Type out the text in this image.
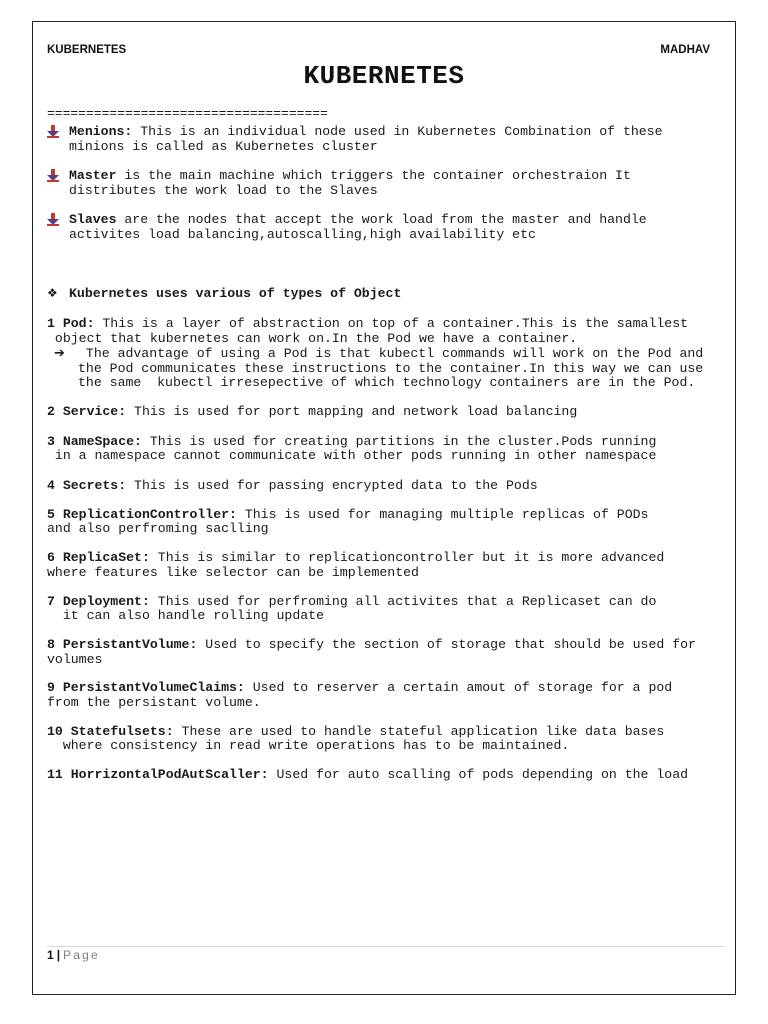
KUBERNETES	MADHAV
KUBERNETES
====================================
Menions: This is an individual node used in Kubernetes Combination of these
minions is called as Kubernetes cluster
Master is the main machine which triggers the container orchestraion It
distributes the work load to the Slaves
Slaves are the nodes that accept the work load from the master and handle
activites load balancing,autoscalling,high availability etc
❖ Kubernetes uses various of types of Object
1 Pod: This is a layer of abstraction on top of a container.This is the samallest
object that kubernetes can work on.In the Pod we have a container.
➔ The advantage of using a Pod is that kubectl commands will work on the Pod and
the Pod communicates these instructions to the container.In this way we can use
the same  kubectl irresepective of which technology containers are in the Pod.
2 Service: This is used for port mapping and network load balancing
3 NameSpace: This is used for creating partitions in the cluster.Pods running
in a namespace cannot communicate with other pods running in other namespace
4 Secrets: This is used for passing encrypted data to the Pods
5 ReplicationController: This is used for managing multiple replicas of PODs
and also perfroming saclling
6 ReplicaSet: This is similar to replicationcontroller but it is more advanced
where features like selector can be implemented
7 Deployment: This used for perfroming all activites that a Replicaset can do
it can also handle rolling update
8 PersistantVolume: Used to specify the section of storage that should be used for
volumes
9 PersistantVolumeClaims: Used to reserver a certain amout of storage for a pod
from the persistant volume.
10 Statefulsets: These are used to handle stateful application like data bases
where consistency in read write operations has to be maintained.
11 HorrizontalPodAutScaller: Used for auto scalling of pods depending on the load
1 | Page
